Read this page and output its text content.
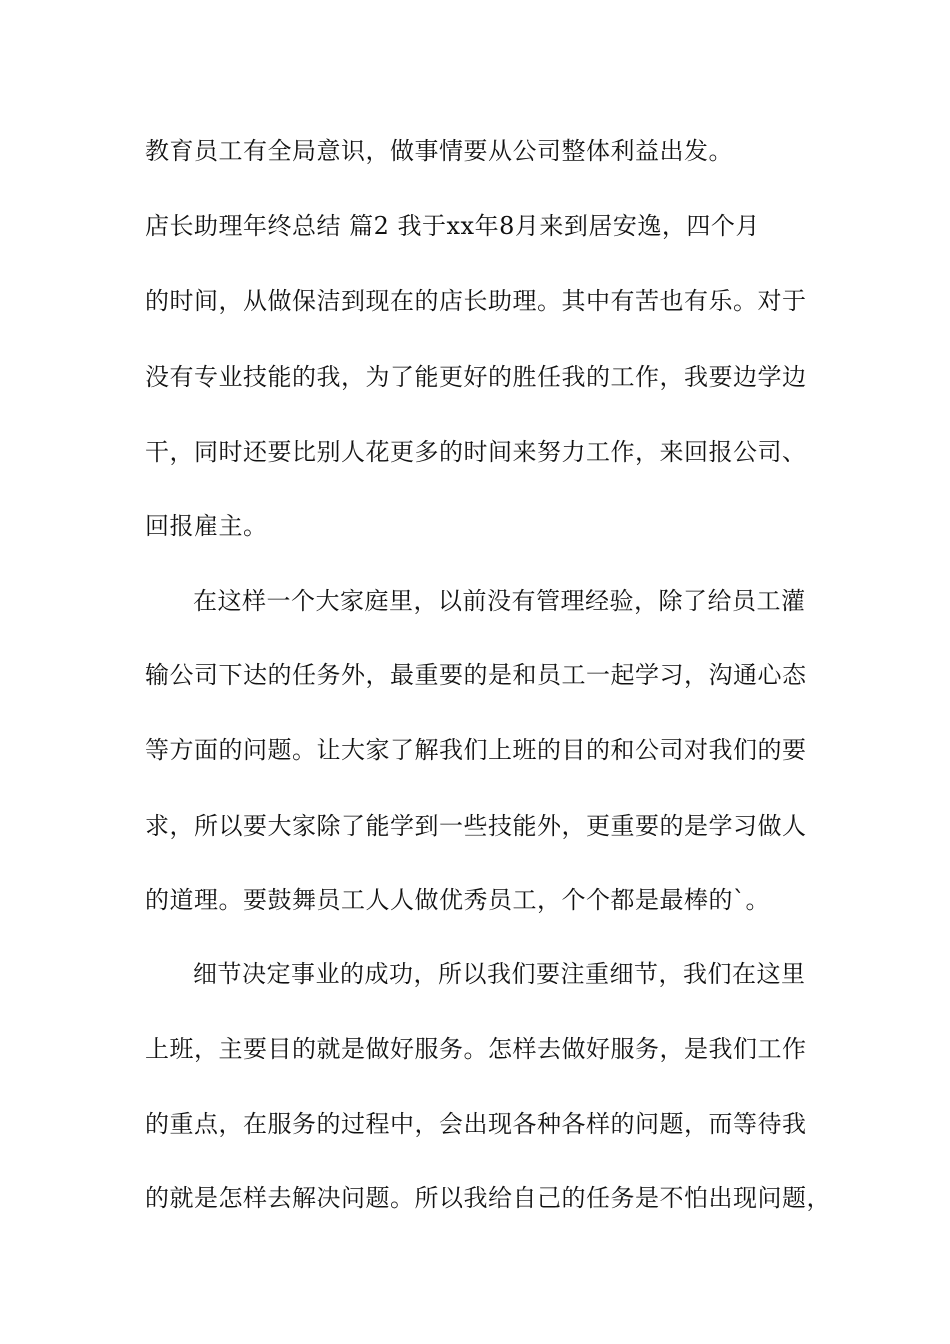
教育员工有全局意识，做事情要从公司整体利益出发。
店长助理年终总结 篇2 我于xx年8月来到居安逸，四个月
的时间，从做保洁到现在的店长助理。其中有苦也有乐。对于
没有专业技能的我，为了能更好的胜任我的工作，我要边学边
干，同时还要比别人花更多的时间来努力工作，来回报公司、
回报雇主。
在这样一个大家庭里，以前没有管理经验，除了给员工灌
输公司下达的任务外，最重要的是和员工一起学习，沟通心态
等方面的问题。让大家了解我们上班的目的和公司对我们的要
求，所以要大家除了能学到一些技能外，更重要的是学习做人
的道理。要鼓舞员工人人做优秀员工，个个都是最棒的`。
细节决定事业的成功，所以我们要注重细节，我们在这里
上班，主要目的就是做好服务。怎样去做好服务，是我们工作
的重点，在服务的过程中，会出现各种各样的问题，而等待我
的就是怎样去解决问题。所以我给自己的任务是不怕出现问题，
